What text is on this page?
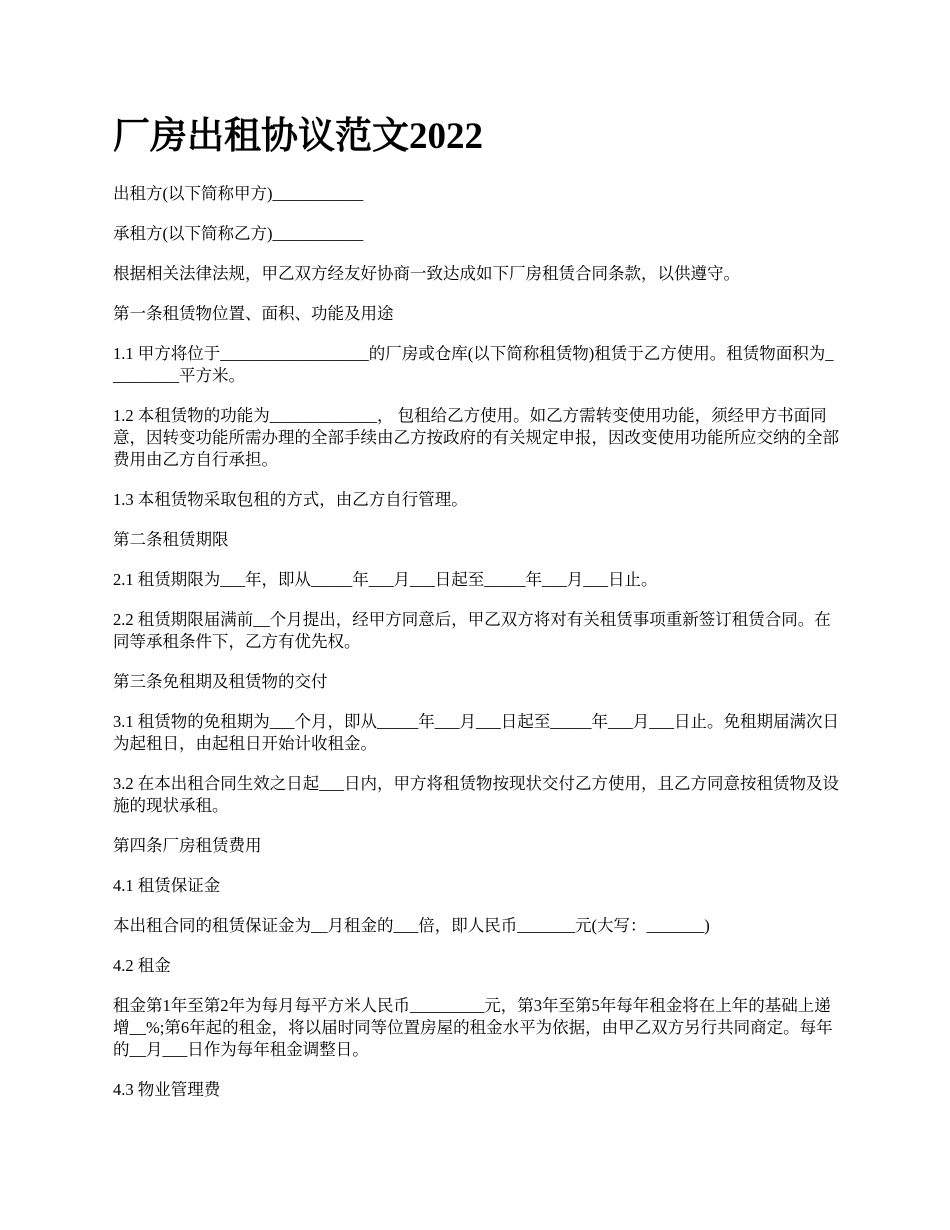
厂房出租协议范文2022

出租方(以下简称甲方)___________

承租方(以下简称乙方)___________

根据相关法律法规，甲乙双方经友好协商一致达成如下厂房租赁合同条款，以供遵守。

第一条租赁物位置、面积、功能及用途

1.1 甲方将位于__________________的厂房或仓库(以下简称租赁物)租赁于乙方使用。租赁物面积为_________平方米。

1.2 本租赁物的功能为_____________， 包租给乙方使用。如乙方需转变使用功能，须经甲方书面同意，因转变功能所需办理的全部手续由乙方按政府的有关规定申报，因改变使用功能所应交纳的全部费用由乙方自行承担。

1.3 本租赁物采取包租的方式，由乙方自行管理。

第二条租赁期限

2.1 租赁期限为___年，即从_____年___月___日起至_____年___月___日止。

2.2 租赁期限届满前__个月提出，经甲方同意后，甲乙双方将对有关租赁事项重新签订租赁合同。在同等承租条件下，乙方有优先权。

第三条免租期及租赁物的交付

3.1 租赁物的免租期为___个月，即从_____年___月___日起至_____年___月___日止。免租期届满次日为起租日，由起租日开始计收租金。

3.2 在本出租合同生效之日起___日内，甲方将租赁物按现状交付乙方使用，且乙方同意按租赁物及设施的现状承租。

第四条厂房租赁费用

4.1 租赁保证金

本出租合同的租赁保证金为__月租金的___倍，即人民币_______元(大写：_______)

4.2 租金

租金第1年至第2年为每月每平方米人民币_________元，第3年至第5年每年租金将在上年的基础上递增__%;第6年起的租金，将以届时同等位置房屋的租金水平为依据，由甲乙双方另行共同商定。每年的__月___日作为每年租金调整日。

4.3 物业管理费
